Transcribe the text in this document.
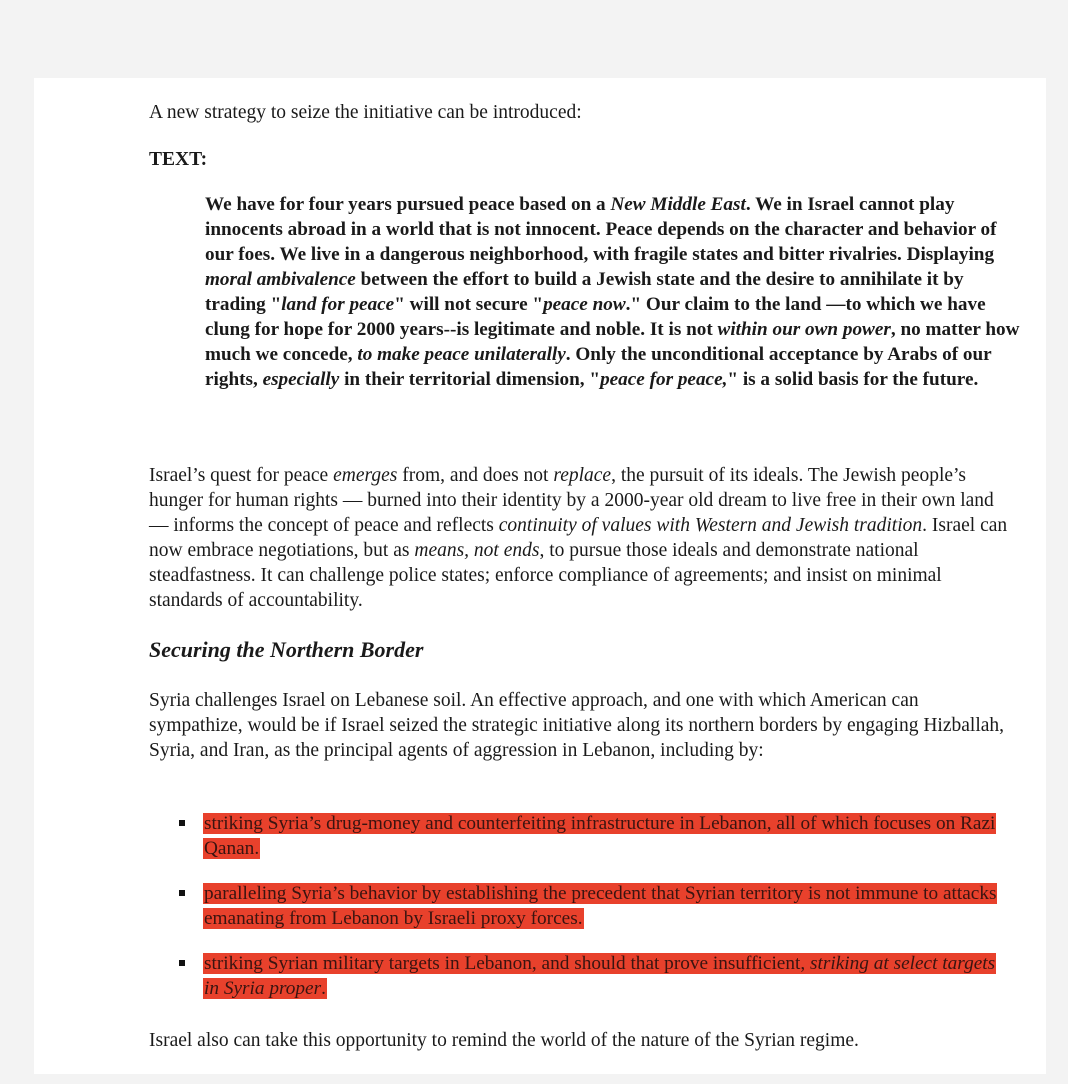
A new strategy to seize the initiative can be introduced:

TEXT:

We have for four years pursued peace based on a New Middle East. We in Israel cannot play innocents abroad in a world that is not innocent. Peace depends on the character and behavior of our foes. We live in a dangerous neighborhood, with fragile states and bitter rivalries. Displaying moral ambivalence between the effort to build a Jewish state and the desire to annihilate it by trading "land for peace" will not secure "peace now." Our claim to the land —to which we have clung for hope for 2000 years--is legitimate and noble. It is not within our own power, no matter how much we concede, to make peace unilaterally. Only the unconditional acceptance by Arabs of our rights, especially in their territorial dimension, "peace for peace," is a solid basis for the future.

Israel’s quest for peace emerges from, and does not replace, the pursuit of its ideals. The Jewish people’s hunger for human rights — burned into their identity by a 2000-year old dream to live free in their own land — informs the concept of peace and reflects continuity of values with Western and Jewish tradition. Israel can now embrace negotiations, but as means, not ends, to pursue those ideals and demonstrate national steadfastness. It can challenge police states; enforce compliance of agreements; and insist on minimal standards of accountability.

Securing the Northern Border

Syria challenges Israel on Lebanese soil. An effective approach, and one with which American can sympathize, would be if Israel seized the strategic initiative along its northern borders by engaging Hizballah, Syria, and Iran, as the principal agents of aggression in Lebanon, including by:

striking Syria’s drug-money and counterfeiting infrastructure in Lebanon, all of which focuses on Razi Qanan.
paralleling Syria’s behavior by establishing the precedent that Syrian territory is not immune to attacks emanating from Lebanon by Israeli proxy forces.
striking Syrian military targets in Lebanon, and should that prove insufficient, striking at select targets in Syria proper.

Israel also can take this opportunity to remind the world of the nature of the Syrian regime.
